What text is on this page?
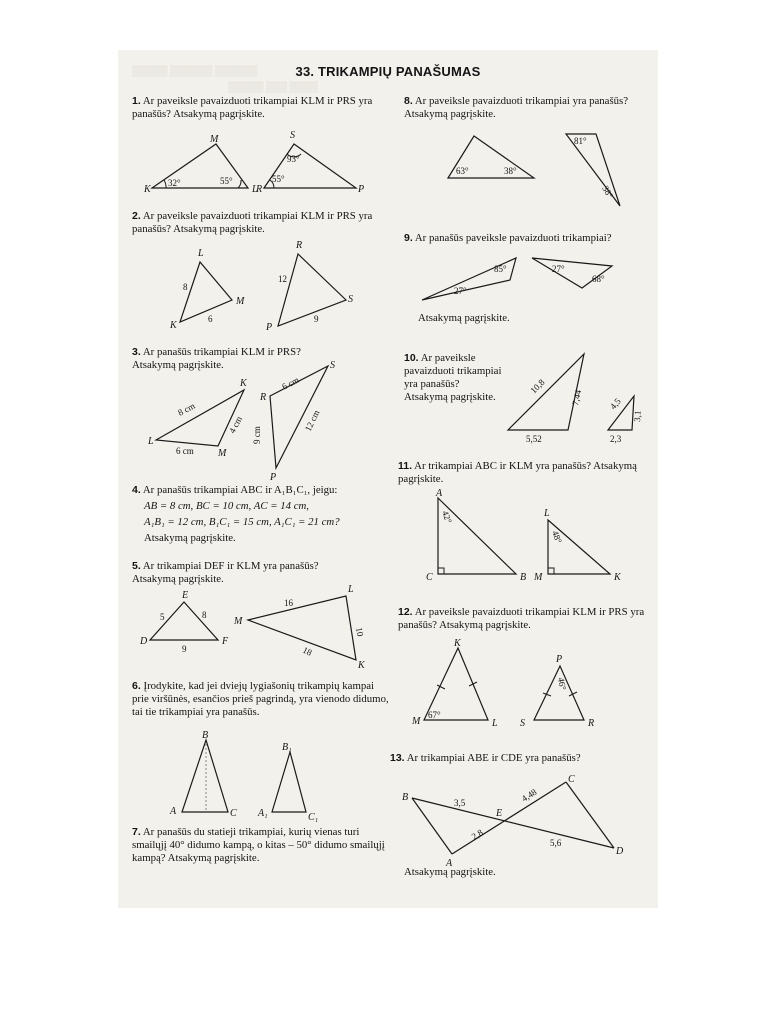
▒▒▒▒▒ ▒▒▒▒▒▒ ▒▒▒▒▒▒
▒▒▒▒▒ ▒▒▒ ▒▒▒▒
33. TRIKAMPIŲ PANAŠUMAS
1. Ar paveiksle pavaizduoti trikampiai KLM ir PRS yra panašūs? Atsakymą pagrįskite.
K
M
L
R
S
P
32°	55°
93°
55°
2. Ar paveiksle pavaizduoti trikampiai KLM ir PRS yra panašūs? Atsakymą pagrįskite.
L
K
M
R
P
S
8
6
12
9
3. Ar panašūs trikampiai KLM ir PRS? Atsakymą pagrįskite.
L
K
M
R
S
P
8 cm
4 cm
6 cm
6 cm
9 cm
12 cm
4. Ar panašūs trikampiai ABC ir A₁B₁C₁, jeigu:
AB = 8 cm, BC = 10 cm, AC = 14 cm,
A₁B₁ = 12 cm, B₁C₁ = 15 cm, A₁C₁ = 21 cm?
Atsakymą pagrįskite.
5. Ar trikampiai DEF ir KLM yra panašūs? Atsakymą pagrįskite.
E
D	F
M
L
K
5	8
9
16
10
18
6. Įrodykite, kad jei dviejų lygiašonių trikampių kampai prie viršūnės, esančios prieš pagrindą, yra vienodo didumo, tai tie trikampiai yra panašūs.
B
A	C
B₁
A₁	C₁
7. Ar panašūs du statieji trikampiai, kurių vienas turi smailųjį 40° didumo kampą, o kitas – 50° didumo smailųjį kampą? Atsakymą pagrįskite.
8. Ar paveiksle pavaizduoti trikampiai yra panašūs? Atsakymą pagrįskite.
63°	38°
81°
38°
9. Ar panašūs paveiksle pavaizduoti trikampiai?
85°
27°
27°
68°
Atsakymą pagrįskite.
10. Ar paveiksle pavaizduoti trikampiai yra panašūs? Atsakymą pagrįskite.
10,8
7,44
5,52
4,5
3,1
2,3
11. Ar trikampiai ABC ir KLM yra panašūs? Atsakymą pagrįskite.
A
C	B
L
M	K
42°
48°
12. Ar paveiksle pavaizduoti trikampiai KLM ir PRS yra panašūs? Atsakymą pagrįskite.
K
M	L
P
S	R
67°
46°
13. Ar trikampiai ABE ir CDE yra panašūs?
B
C
E
A
D
3,5	4,48
2,8
5,6
Atsakymą pagrįskite.
